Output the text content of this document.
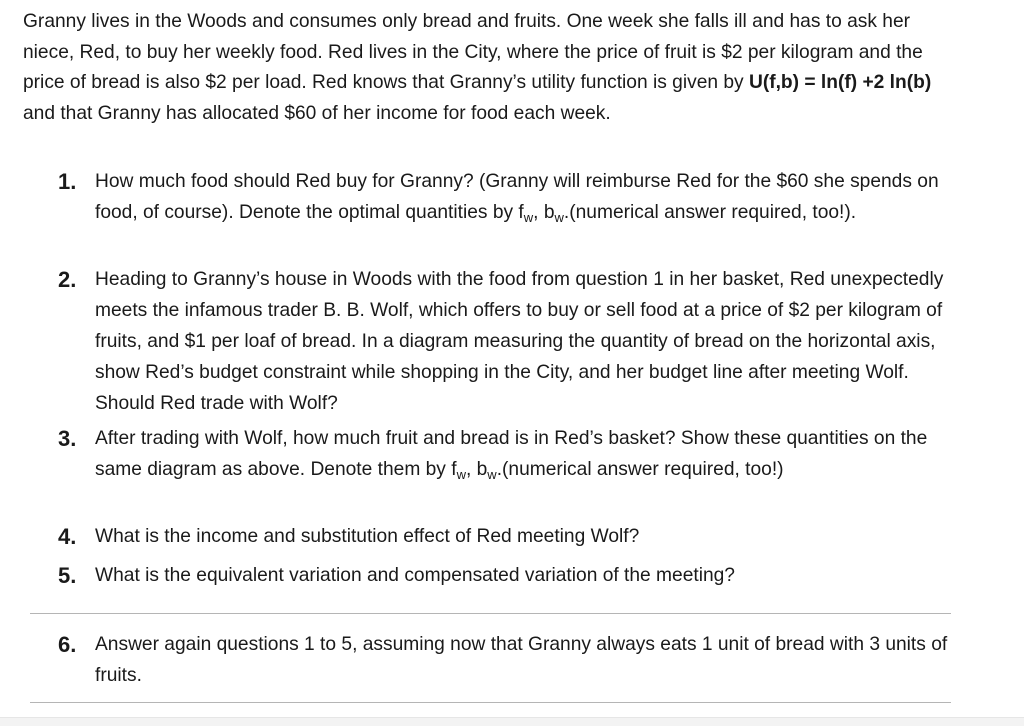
Granny lives in the Woods and consumes only bread and fruits. One week she falls ill and has to ask her niece, Red, to buy her weekly food. Red lives in the City, where the price of fruit is $2 per kilogram and the price of bread is also $2 per load. Red knows that Granny’s utility function is given by U(f,b) = ln(f) +2 ln(b) and that Granny has allocated $60 of her income for food each week.

1. How much food should Red buy for Granny? (Granny will reimburse Red for the $60 she spends on food, of course). Denote the optimal quantities by $f_w$, $b_w.(numerical$ answer required, too!).
2. Heading to Granny’s house in Woods with the food from question 1 in her basket, Red unexpectedly meets the infamous trader B. B. Wolf, which offers to buy or sell food at a price of $2 per kilogram of fruits, and $1 per loaf of bread. In a diagram measuring the quantity of bread on the horizontal axis, show Red’s budget constraint while shopping in the City, and her budget line after meeting Wolf. Should Red trade with Wolf?
3. After trading with Wolf, how much fruit and bread is in Red’s basket? Show these quantities on the same diagram as above. Denote them by $f_w$, $b_w.(numerical$ answer required, too!)
4. What is the income and substitution effect of Red meeting Wolf?
5. What is the equivalent variation and compensated variation of the meeting?
6. Answer again questions 1 to 5, assuming now that Granny always eats 1 unit of bread with 3 units of fruits.
